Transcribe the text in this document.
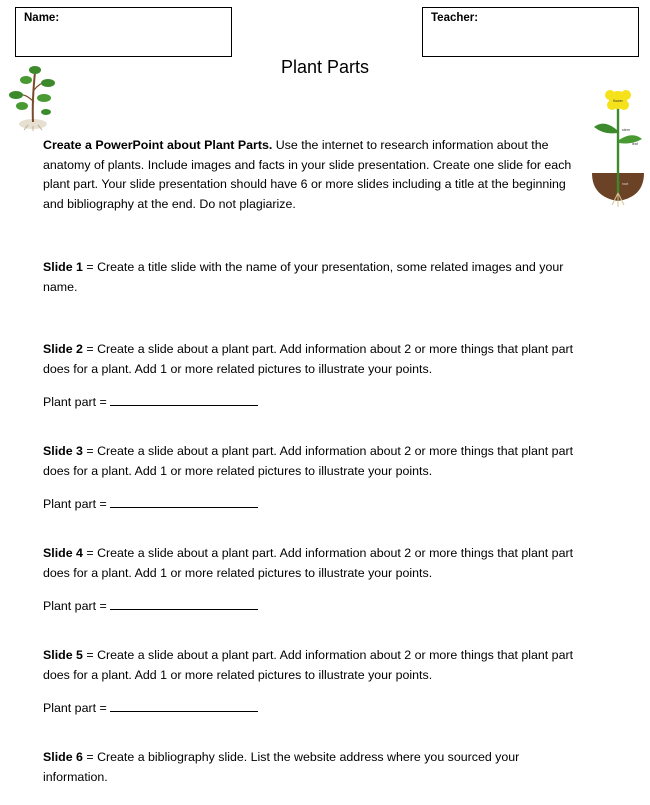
Name:	Teacher:
Plant Parts
flower
stem
leaf
root
Create a PowerPoint about Plant Parts. Use the internet to research information about the anatomy of plants. Include images and facts in your slide presentation. Create one slide for each plant part. Your slide presentation should have 6 or more slides including a title at the beginning and bibliography at the end. Do not plagiarize.
Slide 1 = Create a title slide with the name of your presentation, some related images and your name.
Slide 2 = Create a slide about a plant part. Add information about 2 or more things that plant part does for a plant. Add 1 or more related pictures to illustrate your points.
Plant part =
Slide 3 = Create a slide about a plant part. Add information about 2 or more things that plant part does for a plant. Add 1 or more related pictures to illustrate your points.
Plant part =
Slide 4 = Create a slide about a plant part. Add information about 2 or more things that plant part does for a plant. Add 1 or more related pictures to illustrate your points.
Plant part =
Slide 5 = Create a slide about a plant part. Add information about 2 or more things that plant part does for a plant. Add 1 or more related pictures to illustrate your points.
Plant part =
Slide 6 = Create a bibliography slide. List the website address where you sourced your information.
